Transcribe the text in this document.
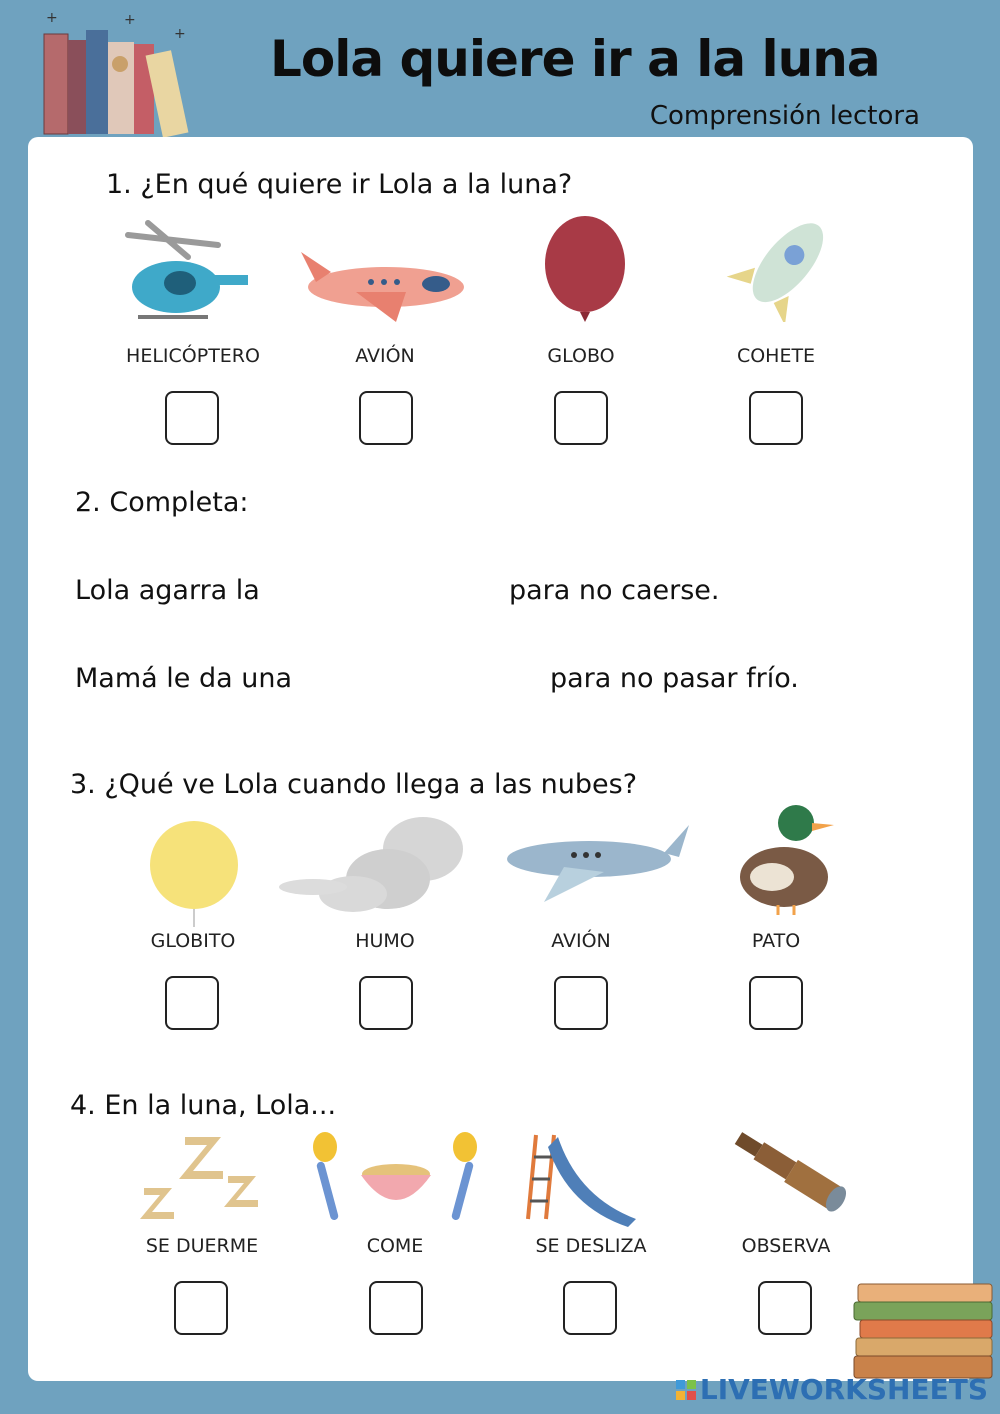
+	+
+ Lola quiere ir a la luna
Comprensión lectora
1. ¿En qué quiere ir Lola a la luna?
HELICÓPTERO	AVIÓN	GLOBO	COHETE
2. Completa:
Lola agarra la	para no caerse.
Mamá le da una	para no pasar frío.
3. ¿Qué ve Lola cuando llega a las nubes?
GLOBITO	HUMO	AVIÓN	PATO
4. En la luna, Lola...
SE DUERME	COME	SE DESLIZA	OBSERVA
LIVEWORKSHEETS
